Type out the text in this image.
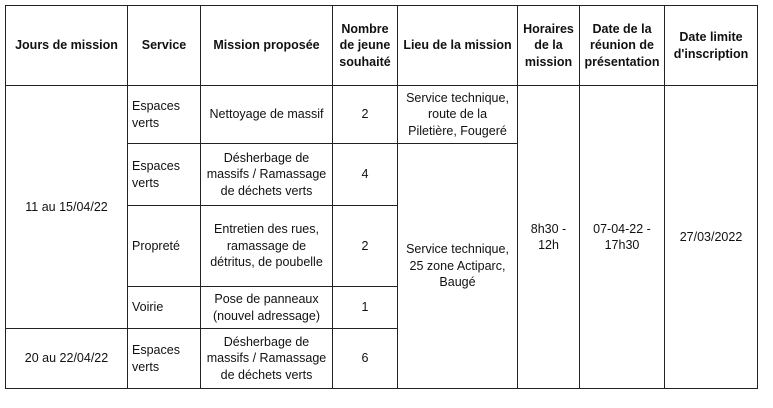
Jours de mission	Service	Mission proposée	Nombre de jeune souhaité	Lieu de la mission	Horaires de la mission	Date de la réunion de présentation	Date limite d'inscription
11 au 15/04/22	Espaces verts	Nettoyage de massif	2	Service technique, route de la Piletière, Fougeré	8h30 - 12h	07-04-22 - 17h30	27/03/2022
	Espaces verts	Désherbage de massifs / Ramassage de déchets verts	4	Service technique, 25 zone Actiparc, Baugé			
	Propreté	Entretien des rues, ramassage de détritus, de poubelle	2				
	Voirie	Pose de panneaux (nouvel adressage)	1				
20 au 22/04/22	Espaces verts	Désherbage de massifs / Ramassage de déchets verts	6				
